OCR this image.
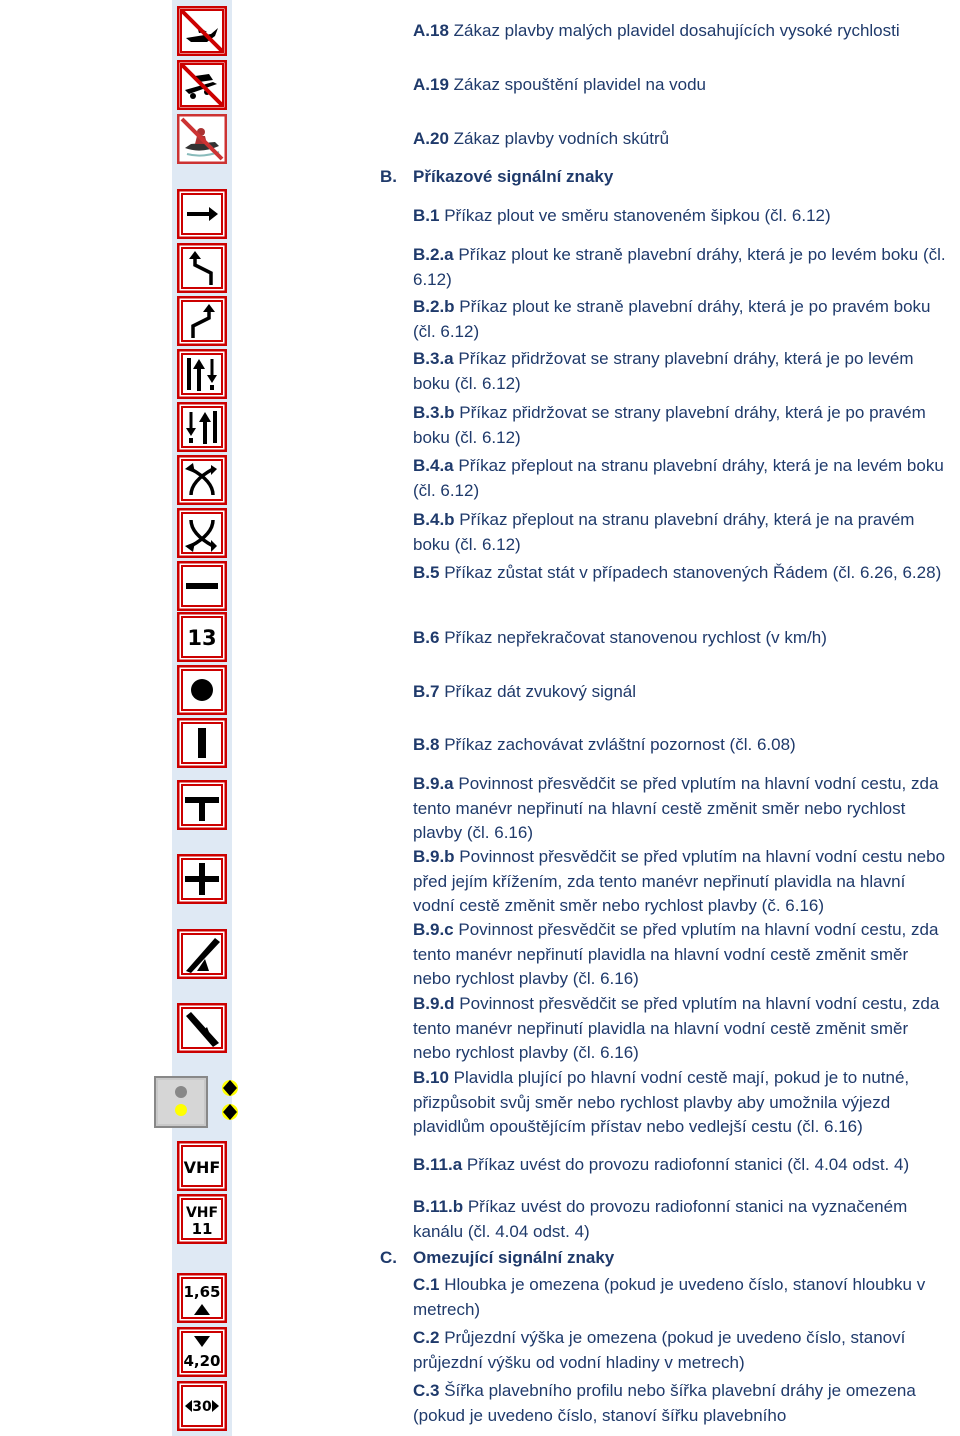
13
VHF
VHF
11
1,65
4,20
30
A.18 Zákaz plavby malých plavidel dosahujících vysoké rychlosti
A.19 Zákaz spouštění plavidel na vodu
A.20 Zákaz plavby vodních skútrů
B. Příkazové signální znaky
B.1 Příkaz plout ve směru stanoveném šipkou (čl. 6.12)
B.2.a Příkaz plout ke straně plavební dráhy, která je po levém boku (čl. 6.12)
B.2.b Příkaz plout ke straně plavební dráhy, která je po pravém boku (čl. 6.12)
B.3.a Příkaz přidržovat se strany plavební dráhy, která je po levém boku (čl. 6.12)
B.3.b Příkaz přidržovat se strany plavební dráhy, která je po pravém boku (čl. 6.12)
B.4.a Příkaz přeplout na stranu plavební dráhy, která je na levém boku (čl. 6.12)
B.4.b Příkaz přeplout na stranu plavební dráhy, která je na pravém boku (čl. 6.12)
B.5 Příkaz zůstat stát v případech stanovených Řádem (čl. 6.26, 6.28)
B.6 Příkaz nepřekračovat stanovenou rychlost (v km/h)
B.7 Příkaz dát zvukový signál
B.8 Příkaz zachovávat zvláštní pozornost (čl. 6.08)
B.9.a Povinnost přesvědčit se před vplutím na hlavní vodní cestu, zda tento manévr nepřinutí na hlavní cestě změnit směr nebo rychlost plavby (čl. 6.16)
B.9.b Povinnost přesvědčit se před vplutím na hlavní vodní cestu nebo před jejím křížením, zda tento manévr nepřinutí plavidla na hlavní vodní cestě změnit směr nebo rychlost plavby (č. 6.16)
B.9.c Povinnost přesvědčit se před vplutím na hlavní vodní cestu, zda tento manévr nepřinutí plavidla na hlavní vodní cestě změnit směr nebo rychlost plavby (čl. 6.16)
B.9.d Povinnost přesvědčit se před vplutím na hlavní vodní cestu, zda tento manévr nepřinutí plavidla na hlavní vodní cestě změnit směr nebo rychlost plavby (čl. 6.16)
B.10 Plavidla plující po hlavní vodní cestě mají, pokud je to nutné, přizpůsobit svůj směr nebo rychlost plavby aby umožnila výjezd plavidlům opouštějícím přístav nebo vedlejší cestu (čl. 6.16)
B.11.a Příkaz uvést do provozu radiofonní stanici (čl. 4.04 odst. 4)
B.11.b Příkaz uvést do provozu radiofonní stanici na vyznačeném kanálu (čl. 4.04 odst. 4)
C. Omezující signální znaky
C.1 Hloubka je omezena (pokud je uvedeno číslo, stanoví hloubku v metrech)
C.2 Průjezdní výška je omezena (pokud je uvedeno číslo, stanoví průjezdní výšku od vodní hladiny v metrech)
C.3 Šířka plavebního profilu nebo šířka plavební dráhy je omezena (pokud je uvedeno číslo, stanoví šířku plavebního
